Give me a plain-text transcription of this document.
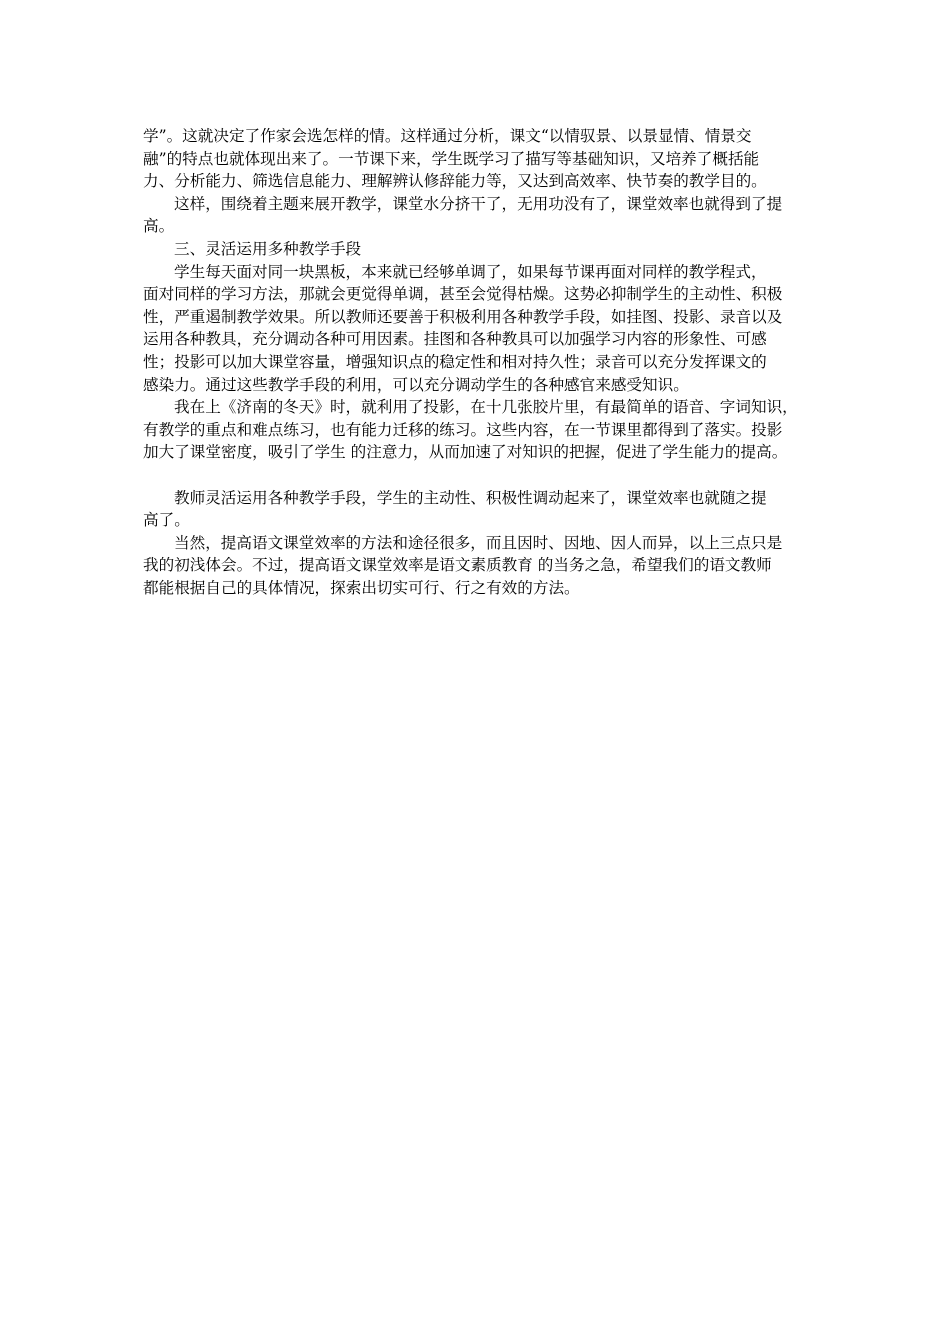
学”。这就决定了作家会选怎样的情。这样通过分析，课文“以情驭景、以景显情、情景交
融”的特点也就体现出来了。一节课下来，学生既学习了描写等基础知识，又培养了概括能
力、分析能力、筛选信息能力、理解辨认修辞能力等，又达到高效率、快节奏的教学目的。
这样，围绕着主题来展开教学，课堂水分挤干了，无用功没有了，课堂效率也就得到了提
高。
三、灵活运用多种教学手段
学生每天面对同一块黑板，本来就已经够单调了，如果每节课再面对同样的教学程式，
面对同样的学习方法，那就会更觉得单调，甚至会觉得枯燥。这势必抑制学生的主动性、积极
性，严重遏制教学效果。所以教师还要善于积极利用各种教学手段，如挂图、投影、录音以及
运用各种教具，充分调动各种可用因素。挂图和各种教具可以加强学习内容的形象性、可感
性；投影可以加大课堂容量，增强知识点的稳定性和相对持久性；录音可以充分发挥课文的
感染力。通过这些教学手段的利用，可以充分调动学生的各种感官来感受知识。
我在上《济南的冬天》时，就利用了投影，在十几张胶片里，有最简单的语音、字词知识，
有教学的重点和难点练习，也有能力迁移的练习。这些内容，在一节课里都得到了落实。投影
加大了课堂密度，吸引了学生 的注意力，从而加速了对知识的把握，促进了学生能力的提高。
教师灵活运用各种教学手段，学生的主动性、积极性调动起来了，课堂效率也就随之提
高了。
当然，提高语文课堂效率的方法和途径很多，而且因时、因地、因人而异，以上三点只是
我的初浅体会。不过，提高语文课堂效率是语文素质教育 的当务之急，希望我们的语文教师
都能根据自己的具体情况，探索出切实可行、行之有效的方法。
